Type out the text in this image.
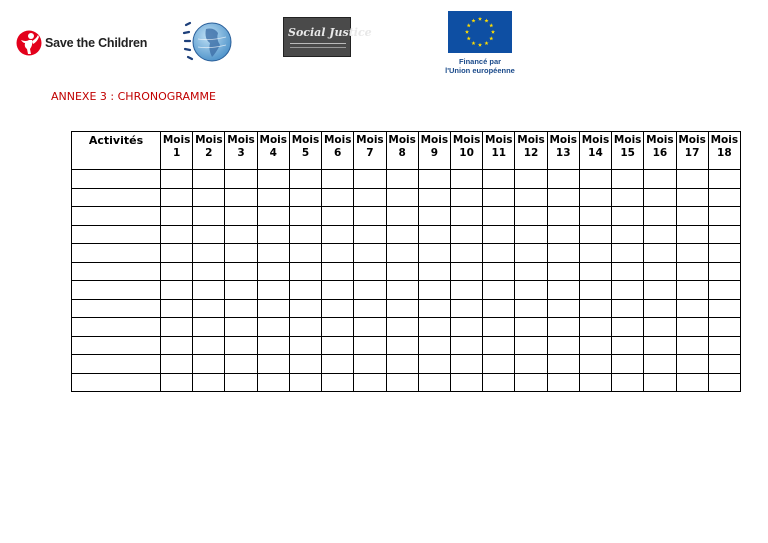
Save the Children
Social Justice
Financé par
l'Union européenne
ANNEXE 3 : CHRONOGRAMME
Activités	Mois 1	Mois 2	Mois 3	Mois 4	Mois 5	Mois 6	Mois 7	Mois 8	Mois 9	Mois 10	Mois 11	Mois 12	Mois 13	Mois 14	Mois 15	Mois 16	Mois 17	Mois 18
